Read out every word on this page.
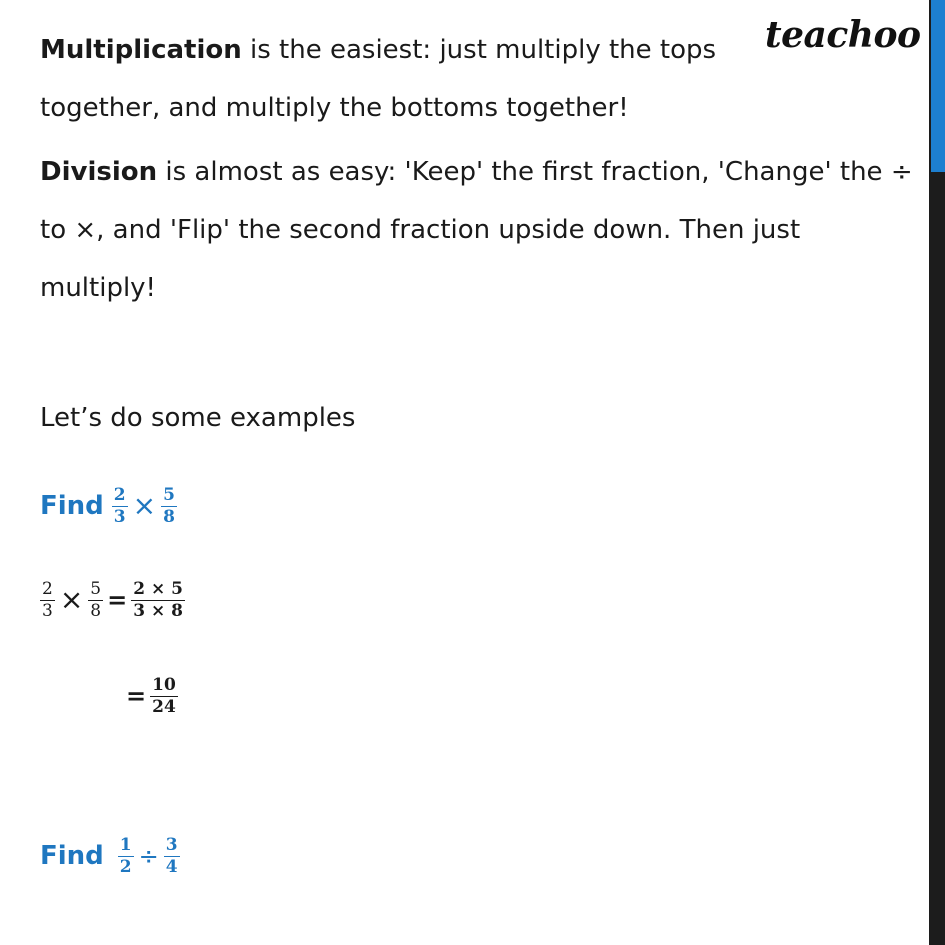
teachoo
Multiplication is the easiest: just multiply the tops
together, and multiply the bottoms together!
Division is almost as easy: 'Keep' the first fraction, 'Change' the ÷
to ×, and 'Flip' the second fraction upside down. Then just
multiply!
Let’s do some examples
Find $\frac{2}{3} \times \frac{5}{8}$
$\frac{2}{3} \times \frac{5}{8} = \frac{2 \times 5}{3 \times 8}$
= $\frac{10}{24}$
Find $\frac{1}{2} \div \frac{3}{4}$
